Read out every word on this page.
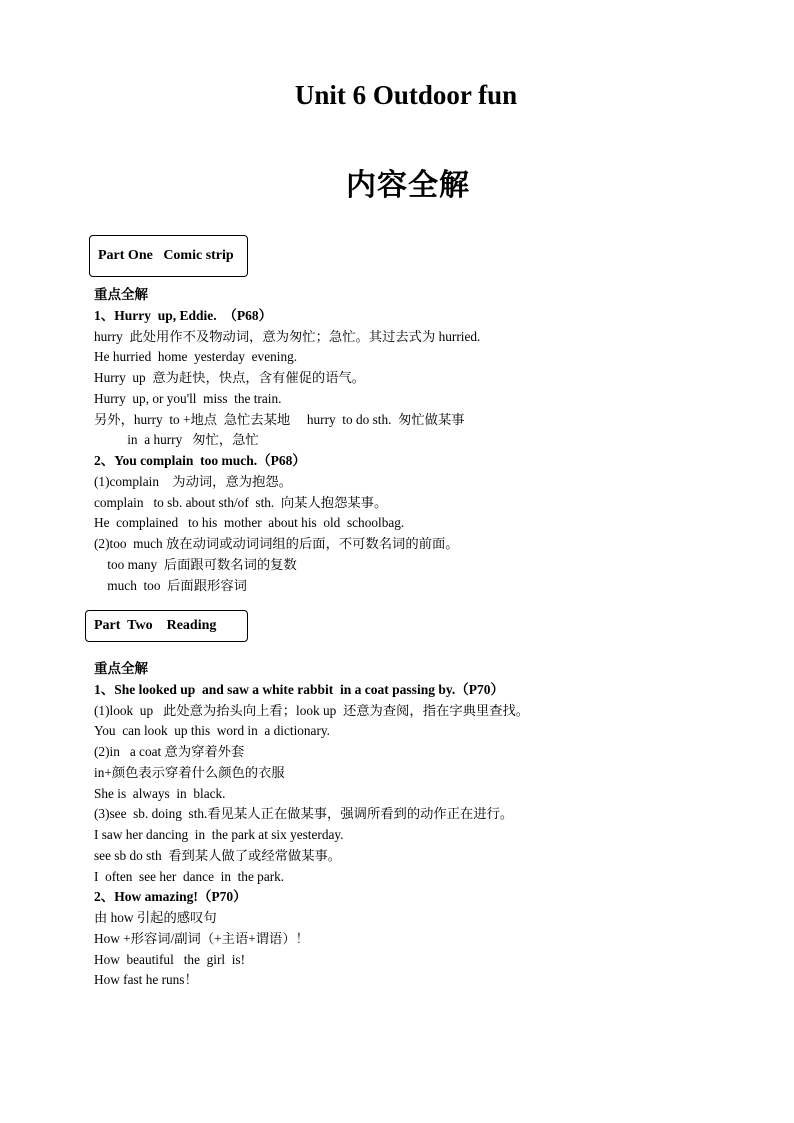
Unit 6 Outdoor fun
内容全解
Part One   Comic strip
Part  Two    Reading
重点全解
1、Hurry  up, Eddie.  （P68）
hurry  此处用作不及物动词，意为匆忙；急忙。其过去式为 hurried.
He hurried  home  yesterday  evening.
Hurry  up  意为赶快，快点，含有催促的语气。
Hurry  up, or you'll  miss  the train.
另外，hurry  to +地点  急忙去某地     hurry  to do sth.  匆忙做某事
in  a hurry   匆忙，急忙
2、You complain  too much.（P68）
(1)complain    为动词，意为抱怨。
complain   to sb. about sth/of  sth.  向某人抱怨某事。
He  complained   to his  mother  about his  old  schoolbag.
(2)too  much 放在动词或动词词组的后面，不可数名词的前面。
too many  后面跟可数名词的复数
much  too  后面跟形容词
重点全解
1、She looked up  and saw a white rabbit  in a coat passing by.（P70）
(1)look  up   此处意为抬头向上看；look up  还意为查阅，指在字典里查找。
You  can look  up this  word in  a dictionary.
(2)in   a coat 意为穿着外套
in+颜色表示穿着什么颜色的衣服
She is  always  in  black.
(3)see  sb. doing  sth.看见某人正在做某事，强调所看到的动作正在进行。
I saw her dancing  in  the park at six yesterday.
see sb do sth  看到某人做了或经常做某事。
I  often  see her  dance  in  the park.
2、How amazing!（P70）
由 how 引起的感叹句
How +形容词/副词（+主语+谓语）！
How  beautiful   the  girl  is!
How fast he runs！
